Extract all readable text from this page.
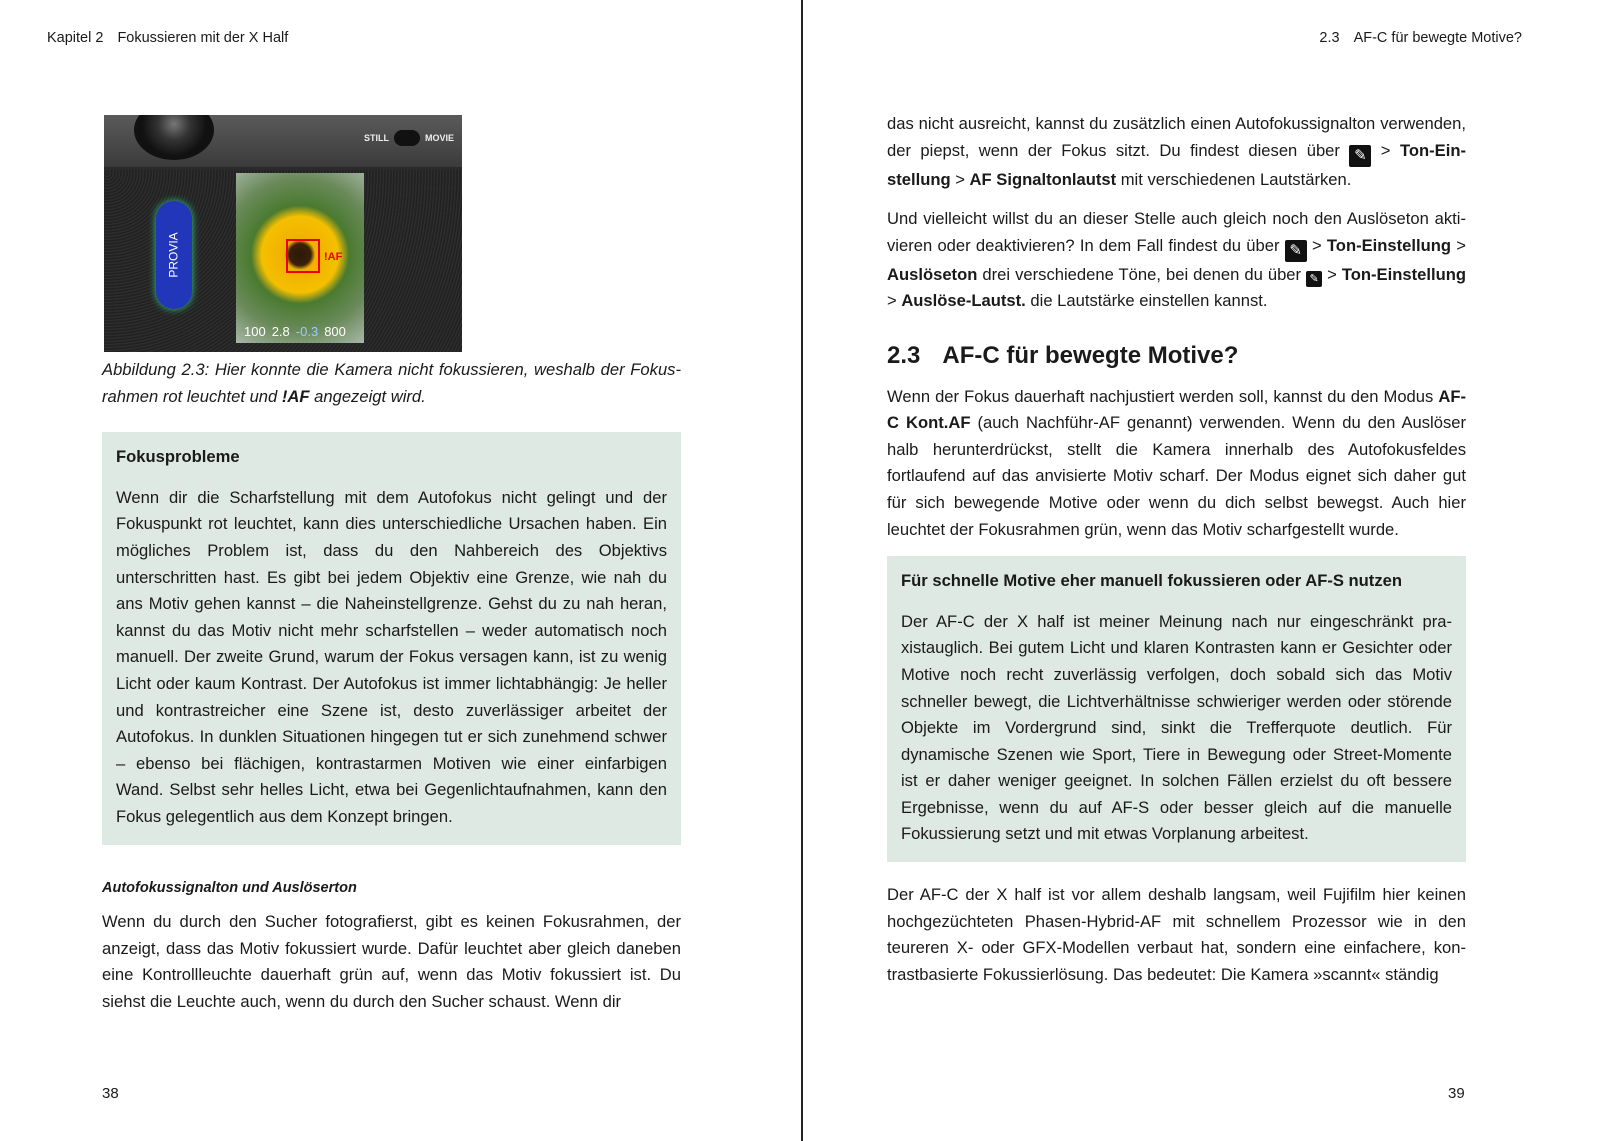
Kapitel 2 Fokussieren mit der X Half	2.3 AF-C für bewegte Motive?
STILL	MOVIE
PROVIA	!AF
100 2.8 -0.3 800

Abbildung 2.3: Hier konnte die Kamera nicht fokussieren, weshalb der Fokusrahmen rot leuchtet und !AF angezeigt wird.

Fokusprobleme
Wenn dir die Scharfstellung mit dem Autofokus nicht gelingt und der Fokuspunkt rot leuchtet, kann dies unterschiedliche Ursachen haben. Ein mögliches Problem ist, dass du den Nahbereich des Objektivs unterschritten hast. Es gibt bei jedem Objektiv eine Grenze, wie nah du ans Motiv gehen kannst – die Naheinstellgrenze. Gehst du zu nah heran, kannst du das Motiv nicht mehr scharfstellen – weder automatisch noch manuell. Der zweite Grund, warum der Fokus versagen kann, ist zu wenig Licht oder kaum Kontrast. Der Autofokus ist immer lichtabhängig: Je heller und kontrastreicher eine Szene ist, desto zuverlässiger arbeitet der Autofokus. In dunklen Situationen hingegen tut er sich zunehmend schwer – ebenso bei flächigen, kontrastarmen Motiven wie einer einfarbigen Wand. Selbst sehr helles Licht, etwa bei Gegenlichtaufnahmen, kann den Fokus gelegentlich aus dem Konzept bringen.
Autofokussignalton und Auslöserton

Wenn du durch den Sucher fotografierst, gibt es keinen Fokusrahmen, der anzeigt, dass das Motiv fokussiert wurde. Dafür leuchtet aber gleich daneben eine Kontrollleuchte dauerhaft grün auf, wenn das Motiv fokussiert ist. Du siehst die Leuchte auch, wenn du durch den Sucher schaust. Wenn dir

38

das nicht ausreicht, kannst du zusätzlich einen Autofokussignalton verwenden, der piepst, wenn der Fokus sitzt. Du findest diesen über ✎ > Ton-Einstellung > AF Signaltonlautst mit verschiedenen Lautstärken.

Und vielleicht willst du an dieser Stelle auch gleich noch den Auslöseton aktivieren oder deaktivieren? In dem Fall findest du über ✎ > Ton-Einstellung > Auslöseton drei verschiedene Töne, bei denen du über ✎ > Ton-Einstellung > Auslöse-Lautst. die Lautstärke einstellen kannst.

2.3 AF-C für bewegte Motive?

Wenn der Fokus dauerhaft nachjustiert werden soll, kannst du den Modus AF-C Kont.AF (auch Nachführ-AF genannt) verwenden. Wenn du den Auslöser halb herunterdrückst, stellt die Kamera innerhalb des Autofokusfeldes fortlaufend auf das anvisierte Motiv scharf. Der Modus eignet sich daher gut für sich bewegende Motive oder wenn du dich selbst bewegst. Auch hier leuchtet der Fokusrahmen grün, wenn das Motiv scharfgestellt wurde.

Für schnelle Motive eher manuell fokussieren oder AF-S nutzen
Der AF-C der X half ist meiner Meinung nach nur eingeschränkt praxistauglich. Bei gutem Licht und klaren Kontrasten kann er Gesichter oder Motive noch recht zuverlässig verfolgen, doch sobald sich das Motiv schneller bewegt, die Lichtverhältnisse schwieriger werden oder störende Objekte im Vordergrund sind, sinkt die Trefferquote deutlich. Für dynamische Szenen wie Sport, Tiere in Bewegung oder Street-Momente ist er daher weniger geeignet. In solchen Fällen erzielst du oft bessere Ergebnisse, wenn du auf AF-S oder besser gleich auf die manuelle Fokussierung setzt und mit etwas Vorplanung arbeitest.

Der AF-C der X half ist vor allem deshalb langsam, weil Fujifilm hier keinen hochgezüchteten Phasen-Hybrid-AF mit schnellem Prozessor wie in den teureren X- oder GFX-Modellen verbaut hat, sondern eine einfachere, kontrastbasierte Fokussierlösung. Das bedeutet: Die Kamera »scannt« ständig

39
